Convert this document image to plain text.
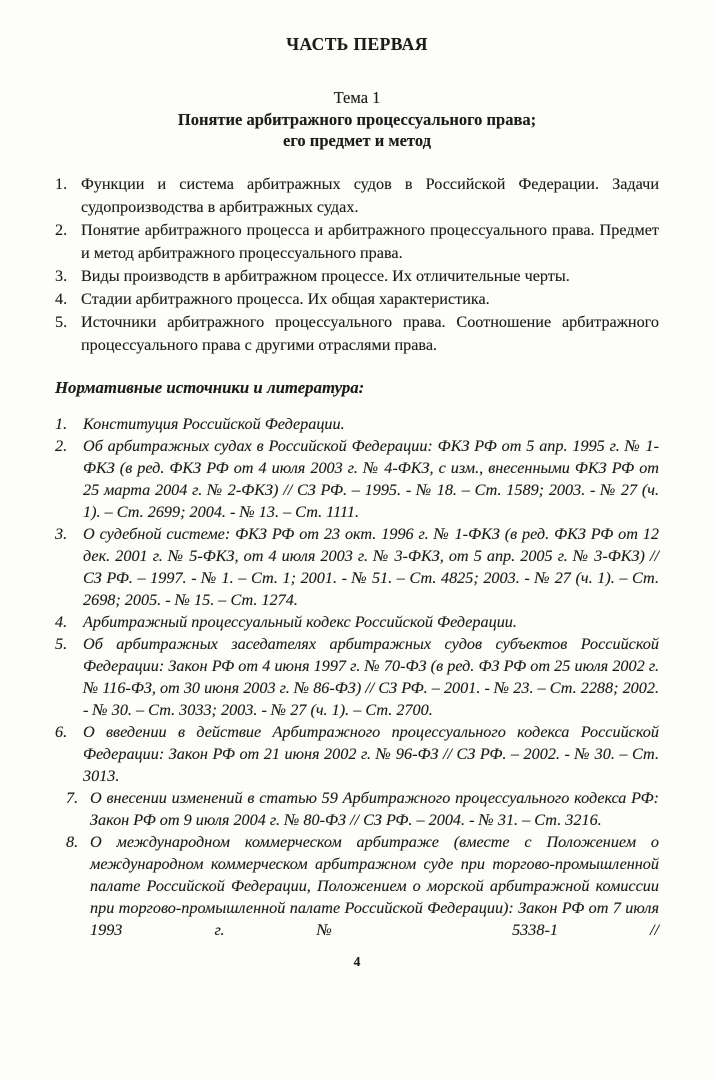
ЧАСТЬ ПЕРВАЯ
Тема 1
Понятие арбитражного процессуального права;
его предмет и метод
1. Функции и система арбитражных судов в Российской Федерации. Задачи судопроизводства в арбитражных судах.
2. Понятие арбитражного процесса и арбитражного процессуального права. Предмет и метод арбитражного процессуального права.
3. Виды производств в арбитражном процессе. Их отличительные черты.
4. Стадии арбитражного процесса. Их общая характеристика.
5. Источники арбитражного процессуального права. Соотношение арбитражного процессуального права с другими отраслями права.
Нормативные источники и литература:
1. Конституция Российской Федерации.
2. Об арбитражных судах в Российской Федерации: ФКЗ РФ от 5 апр. 1995 г. № 1-ФКЗ (в ред. ФКЗ РФ от 4 июля 2003 г. № 4-ФКЗ, с изм., внесенными ФКЗ РФ от 25 марта 2004 г. № 2-ФКЗ) // СЗ РФ. – 1995. - № 18. – Ст. 1589; 2003. - № 27 (ч. 1). – Ст. 2699; 2004. - № 13. – Ст. 1111.
3. О судебной системе: ФКЗ РФ от 23 окт. 1996 г. № 1-ФКЗ (в ред. ФКЗ РФ от 12 дек. 2001 г. № 5-ФКЗ, от 4 июля 2003 г. № 3-ФКЗ, от 5 апр. 2005 г. № 3-ФКЗ) // СЗ РФ. – 1997. - № 1. – Ст. 1; 2001. - № 51. – Ст. 4825; 2003. - № 27 (ч. 1). – Ст. 2698; 2005. - № 15. – Ст. 1274.
4. Арбитражный процессуальный кодекс Российской Федерации.
5. Об арбитражных заседателях арбитражных судов субъектов Российской Федерации: Закон РФ от 4 июня 1997 г. № 70-ФЗ (в ред. ФЗ РФ от 25 июля 2002 г. № 116-ФЗ, от 30 июня 2003 г. № 86-ФЗ) // СЗ РФ. – 2001. - № 23. – Ст. 2288; 2002. - № 30. – Ст. 3033; 2003. - № 27 (ч. 1). – Ст. 2700.
6. О введении в действие Арбитражного процессуального кодекса Российской Федерации: Закон РФ от 21 июня 2002 г. № 96-ФЗ // СЗ РФ. – 2002. - № 30. – Ст. 3013.
7. О внесении изменений в статью 59 Арбитражного процессуального кодекса РФ: Закон РФ от 9 июля 2004 г. № 80-ФЗ // СЗ РФ. – 2004. - № 31. – Ст. 3216.
8. О международном коммерческом арбитраже (вместе с Положением о международном коммерческом арбитражном суде при торгово-промышленной палате Российской Федерации, Положением о морской арбитражной комиссии при торгово-промышленной палате Российской Федерации): Закон РФ от 7 июля 1993 г. № 5338-1 //
4
